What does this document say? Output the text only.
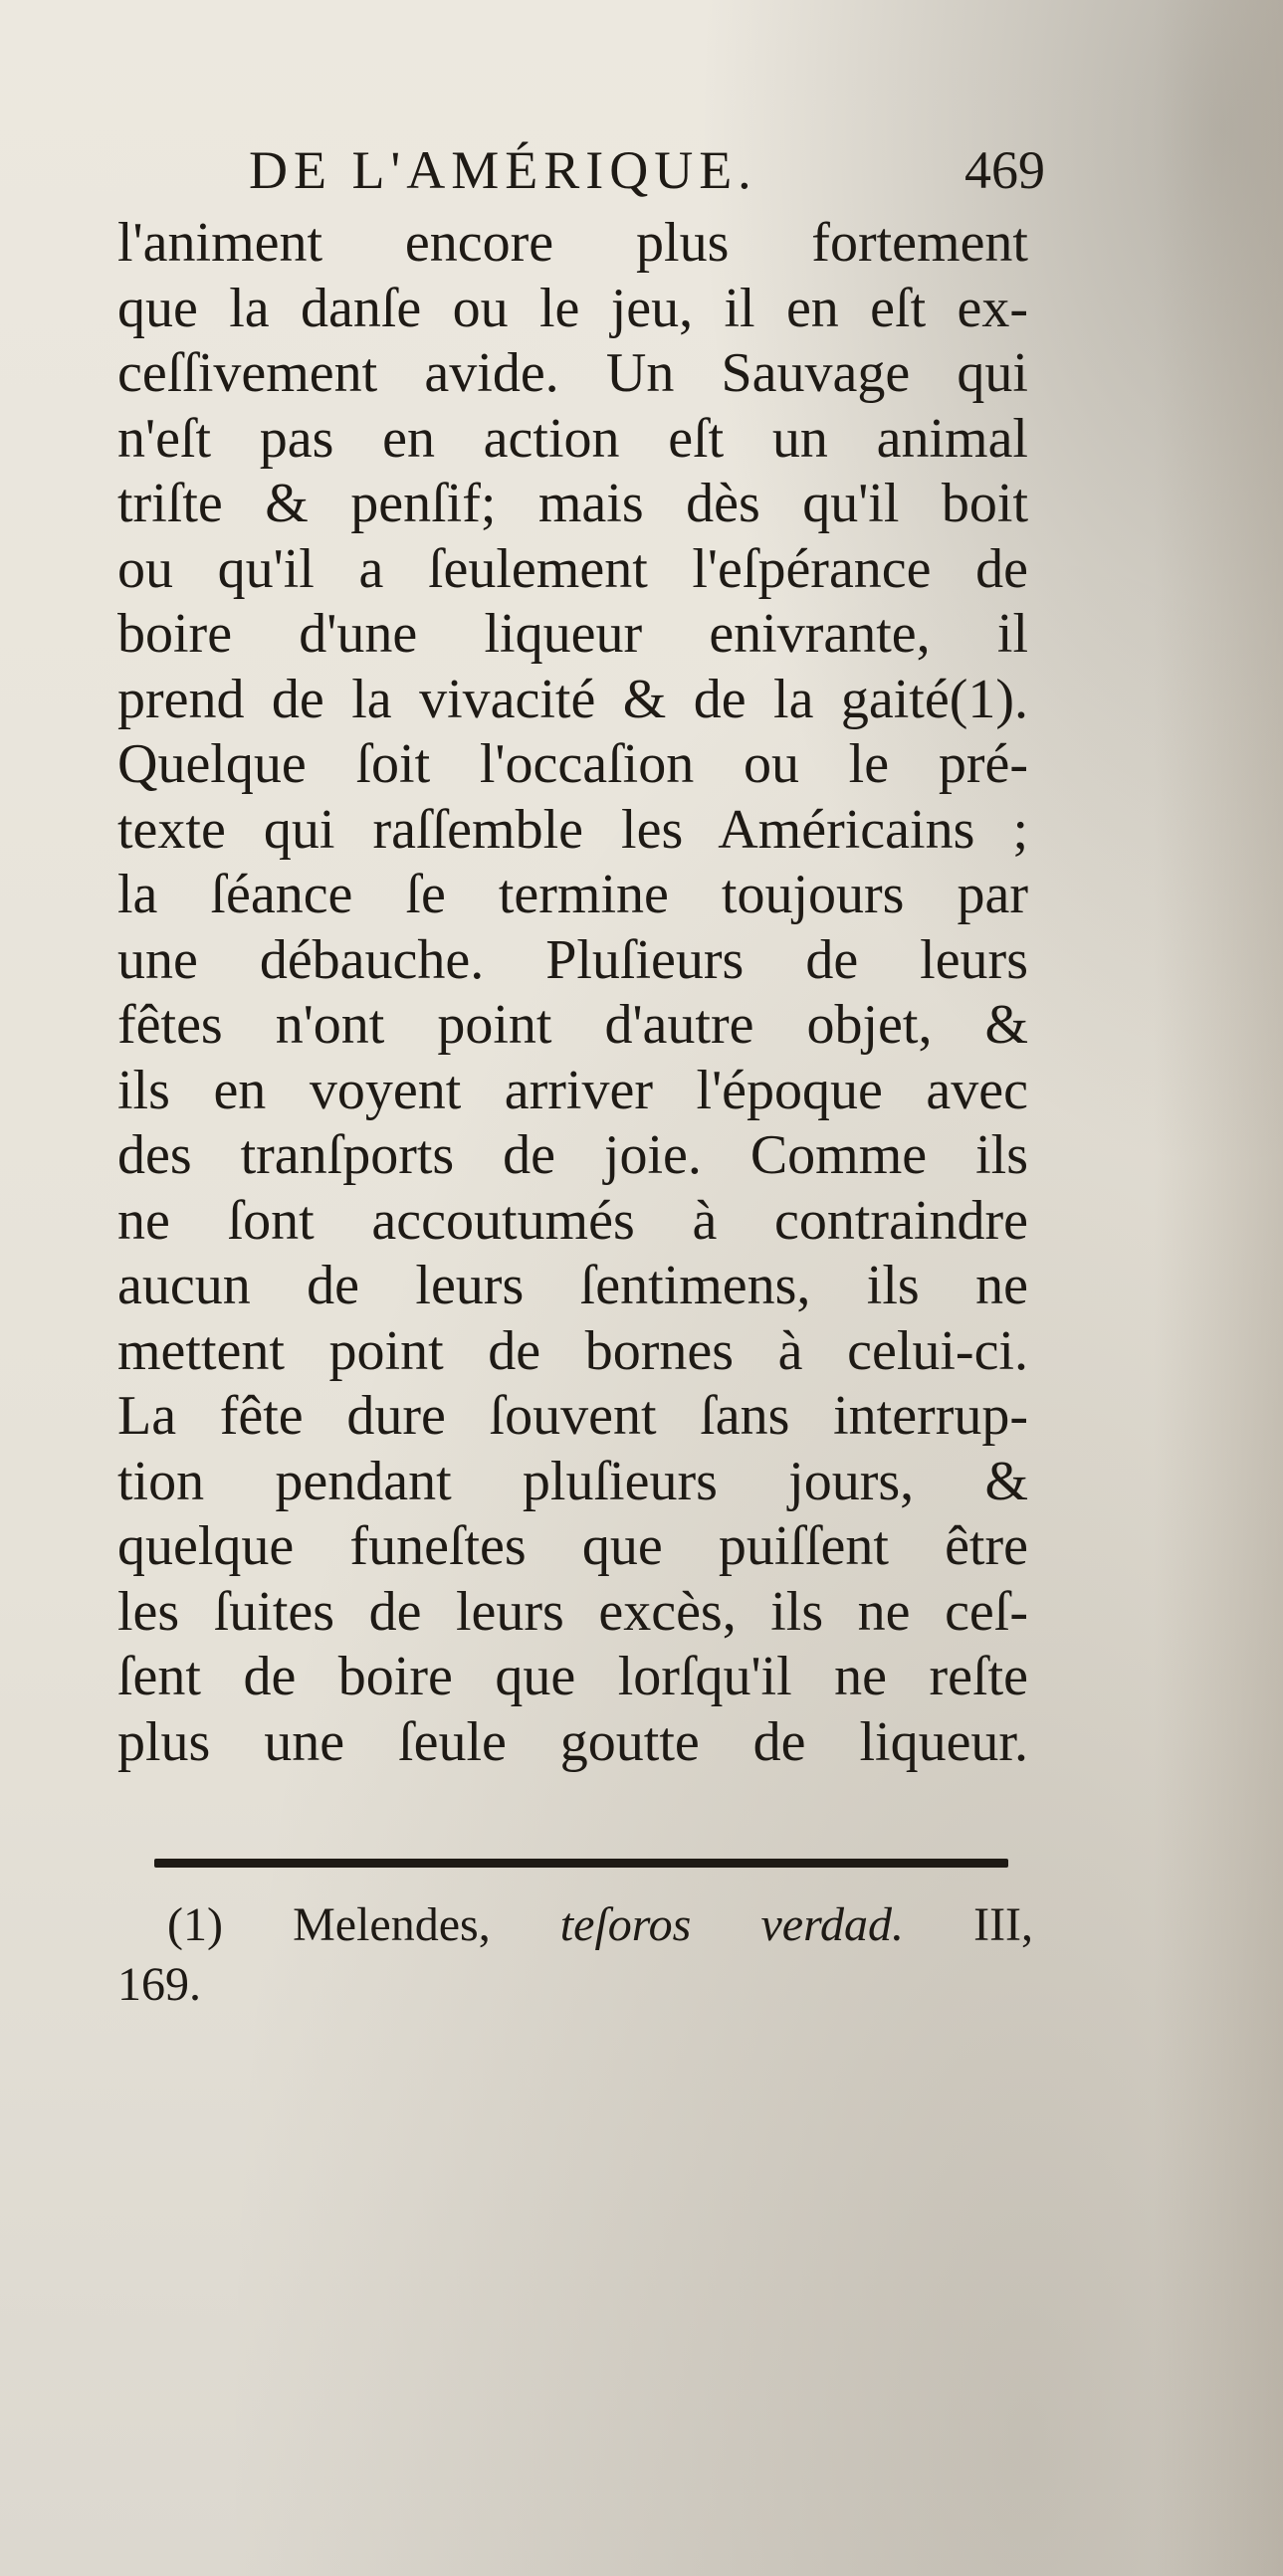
DE L'AMÉRIQUE.	469
l'animent encore plus fortement
que la danſe ou le jeu, il en eſt ex-
ceſſivement avide. Un Sauvage qui
n'eſt pas en action eſt un animal
triſte & penſif; mais dès qu'il boit
ou qu'il a ſeulement l'eſpérance de
boire d'une liqueur enivrante, il
prend de la vivacité & de la gaité(1).
Quelque ſoit l'occaſion ou le pré-
texte qui raſſemble les Américains ;
la ſéance ſe termine toujours par
une débauche. Pluſieurs de leurs
fêtes n'ont point d'autre objet, &
ils en voyent arriver l'époque avec
des tranſports de joie. Comme ils
ne ſont accoutumés à contraindre
aucun de leurs ſentimens, ils ne
mettent point de bornes à celui-ci.
La fête dure ſouvent ſans interrup-
tion pendant pluſieurs jours, &
quelque funeſtes que puiſſent être
les ſuites de leurs excès, ils ne ceſ-
ſent de boire que lorſqu'il ne reſte
plus une ſeule goutte de liqueur.
(1) Melendes, teſoros verdad. III,
169.
